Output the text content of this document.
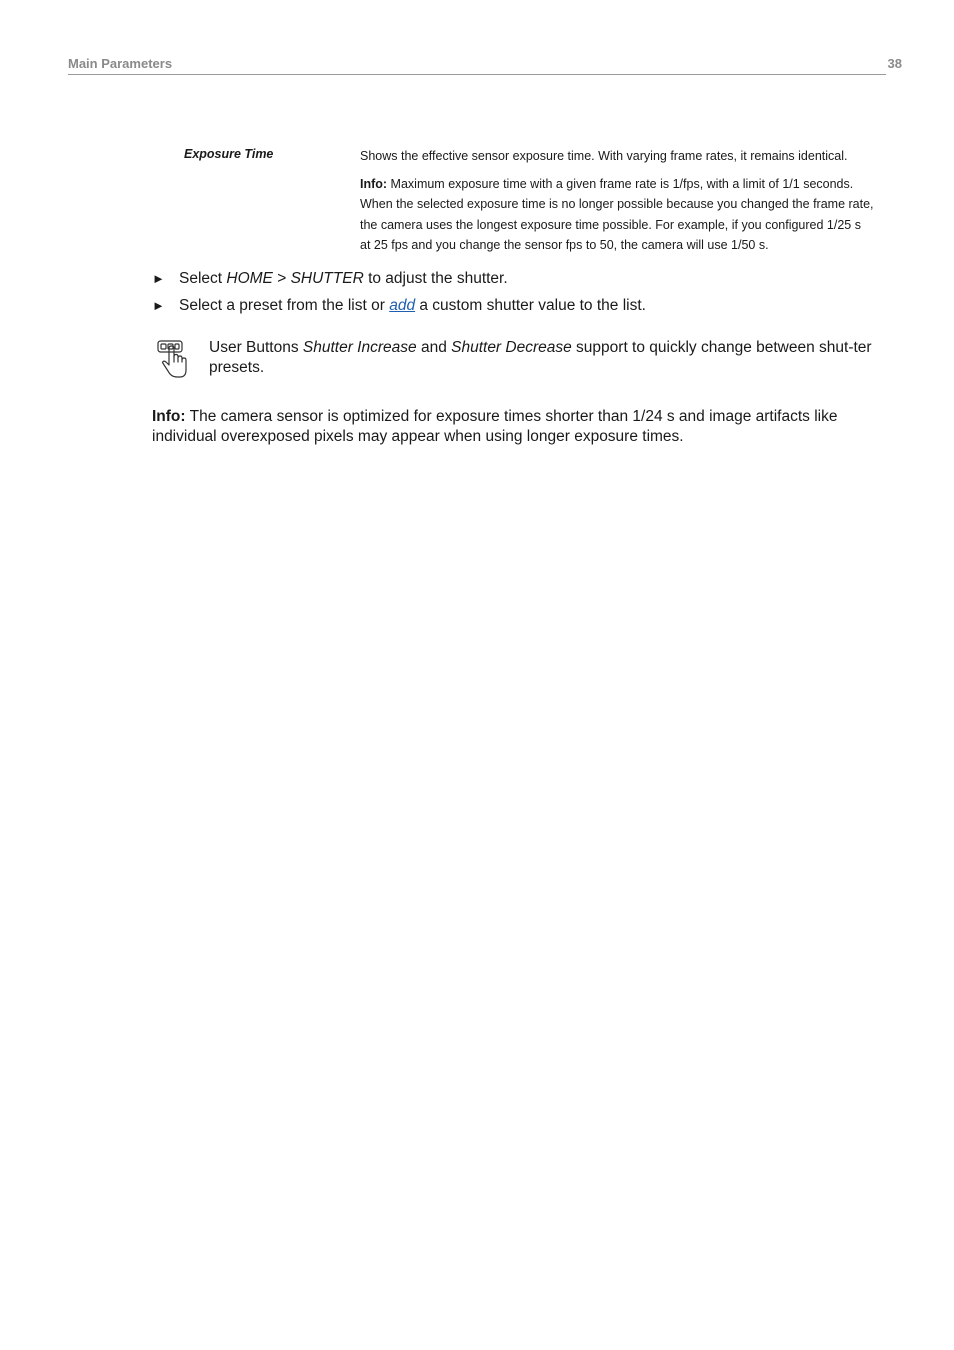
Main Parameters	38
Exposure Time	Shows the effective sensor exposure time. With varying frame rates, it remains identical.

Info: Maximum exposure time with a given frame rate is 1/fps, with a limit of 1/1 seconds. When the selected exposure time is no longer possible because you changed the frame rate, the camera uses the longest exposure time possible. For example, if you configured 1/25 s at 25 fps and you change the sensor fps to 50, the camera will use 1/50 s.

► Select HOME > SHUTTER to adjust the shutter.
► Select a preset from the list or add a custom shutter value to the list.
User Buttons Shutter Increase and Shutter Decrease support to quickly change between shut-ter presets.
Info: The camera sensor is optimized for exposure times shorter than 1/24 s and image artifacts like individual overexposed pixels may appear when using longer exposure times.
